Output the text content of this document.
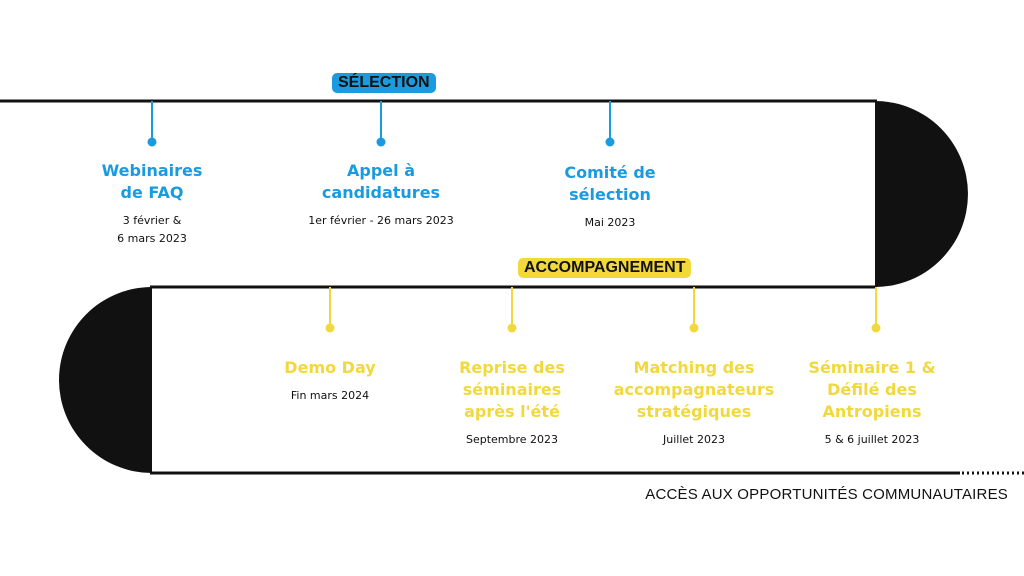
SÉLECTION
ACCOMPAGNEMENT
Webinaires
de FAQ
3 février &
6 mars 2023
Appel à
candidatures
1er février - 26 mars 2023
Comité de
sélection
Mai 2023
Demo Day
Fin mars 2024
Reprise des
séminaires
après l'été
Septembre 2023
Matching des
accompagnateurs
stratégiques
Juillet 2023
Séminaire 1 &
Défilé des
Antropiens
5 & 6 juillet 2023
ACCÈS AUX OPPORTUNITÉS COMMUNAUTAIRES
